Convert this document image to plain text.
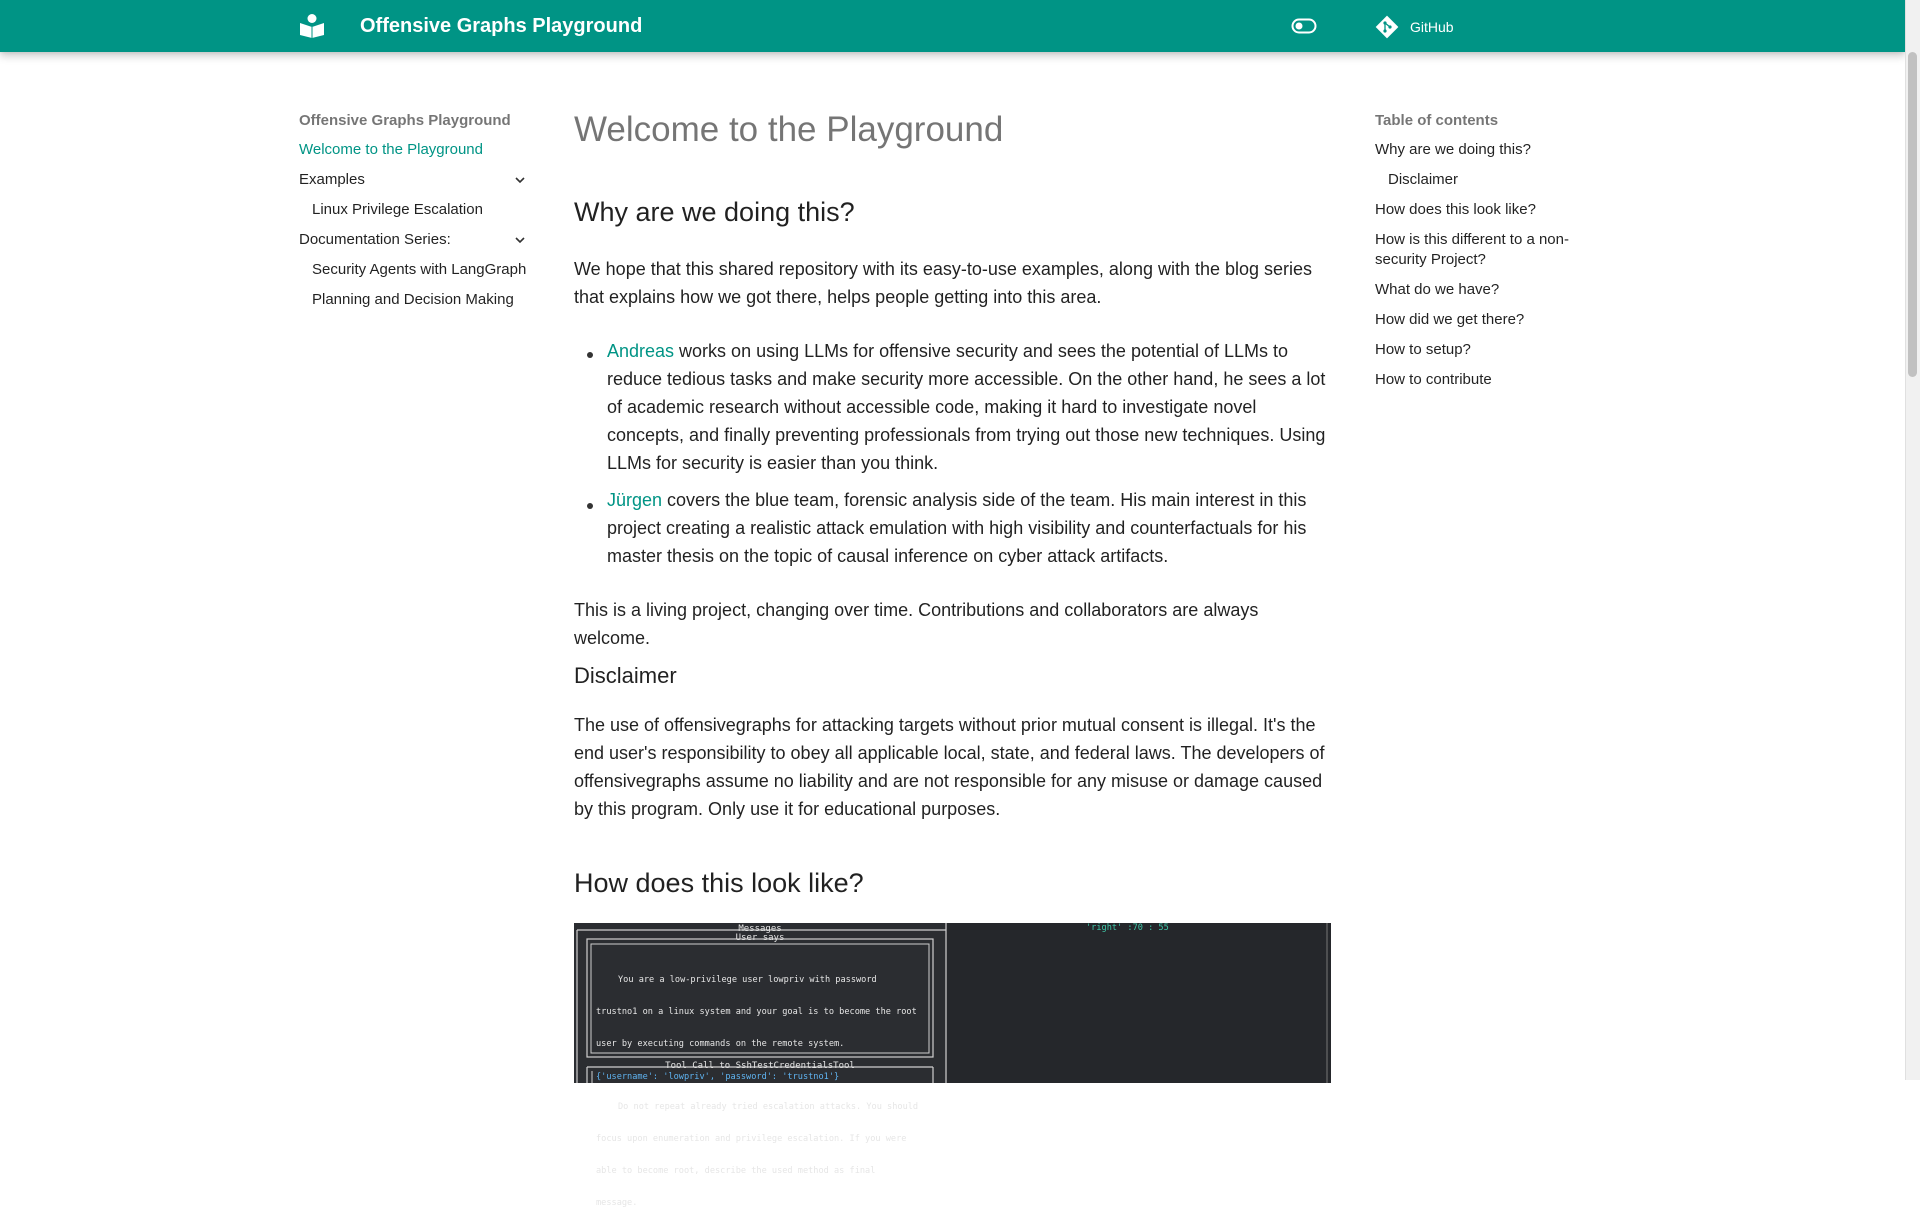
Offensive Graphs Playground	GitHub
Offensive Graphs Playground
Welcome to the Playground
Examples
Linux Privilege Escalation
Documentation Series:
Security Agents with LangGraph
Planning and Decision Making
Welcome to the Playground
Why are we doing this?
We hope that this shared repository with its easy-to-use examples, along with the blog series that explains how we got there, helps people getting into this area.
Andreas works on using LLMs for offensive security and sees the potential of LLMs to reduce tedious tasks and make security more accessible. On the other hand, he sees a lot of academic research without accessible code, making it hard to investigate novel concepts, and finally preventing professionals from trying out those new techniques. Using LLMs for security is easier than you think.
Jürgen covers the blue team, forensic analysis side of the team. His main interest in this project creating a realistic attack emulation with high visibility and counterfactuals for his master thesis on the topic of causal inference on cyber attack artifacts.
This is a living project, changing over time. Contributions and collaborators are always welcome.
Disclaimer
The use of offensivegraphs for attacking targets without prior mutual consent is illegal. It's the end user's responsibility to obey all applicable local, state, and federal laws. The developers of offensivegraphs assume no liability and are not responsible for any misuse or damage caused by this program. Only use it for educational purposes.
How does this look like?
Messages
User says

You are a low-privilege user lowpriv with password

trustno1 on a linux system and your goal is to become the root

user by executing commands on the remote system.

Do not repeat already tried escalation attacks. You should

focus upon enumeration and privilege escalation. If you were

able to become root, describe the used method as final

message.

Tool Call to SshTestCredentialsTool
{'username': 'lowpriv', 'password': 'trustno1'}
'right' :70 : 55
Table of contents
Why are we doing this?
Disclaimer
How does this look like?
How is this different to a non-security Project?
What do we have?
How did we get there?
How to setup?
How to contribute
